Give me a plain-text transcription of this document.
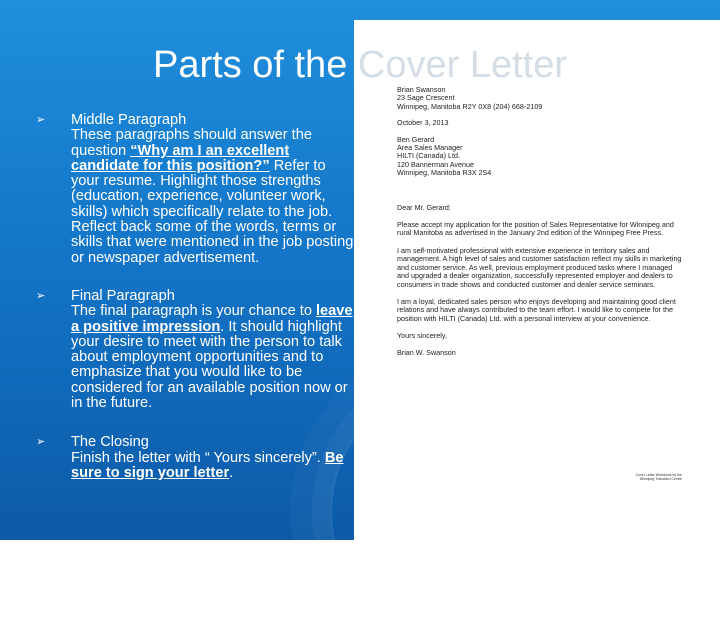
Parts of the Cover Letter
➢ Middle Paragraph
These paragraphs should answer the question “Why am I an excellent candidate for this position?” Refer to your resume. Highlight those strengths (education, experience, volunteer work, skills) which specifically relate to the job. Reflect back some of the words, terms or skills that were mentioned in the job posting or newspaper advertisement.
➢ Final Paragraph
The final paragraph is your chance to leave a positive impression. It should highlight your desire to meet with the person to talk about employment opportunities and to emphasize that you would like to be considered for an available position now or in the future.
➢ The Closing
Finish the letter with “ Yours sincerely”. Be sure to sign your letter.
Brian Swanson
23 Sage Crescent
Winnipeg, Manitoba R2Y 0X8 (204) 668-2109
October 3, 2013
Ben Gerard
Area Sales Manager
HILTI (Canada) Ltd.
120 Bannerman Avenue
Winnipeg, Manitoba R3X 2S4
Dear Mr. Gerard:
Please accept my application for the position of Sales Representative for Winnipeg and rural Manitoba as advertised in the January 2nd edition of the Winnipeg Free Press.
I am self-motivated professional with extensive experience in territory sales and management. A high level of sales and customer satisfaction reflect my skills in marketing and customer service. As well, previous employment produced tasks where I managed and upgraded a dealer organization, successfully represented employer and dealers to consumers in trade shows and conducted customer and dealer service seminars.
I am a loyal, dedicated sales person who enjoys developing and maintaining good client relations and have always contributed to the team effort. I would like to compete for the position with HILTI (Canada) Ltd. with a personal interview at your convenience.
Yours sincerely,
Brian W. Swanson
Cover Letter Workbook by the Winnipeg Transition Centre
